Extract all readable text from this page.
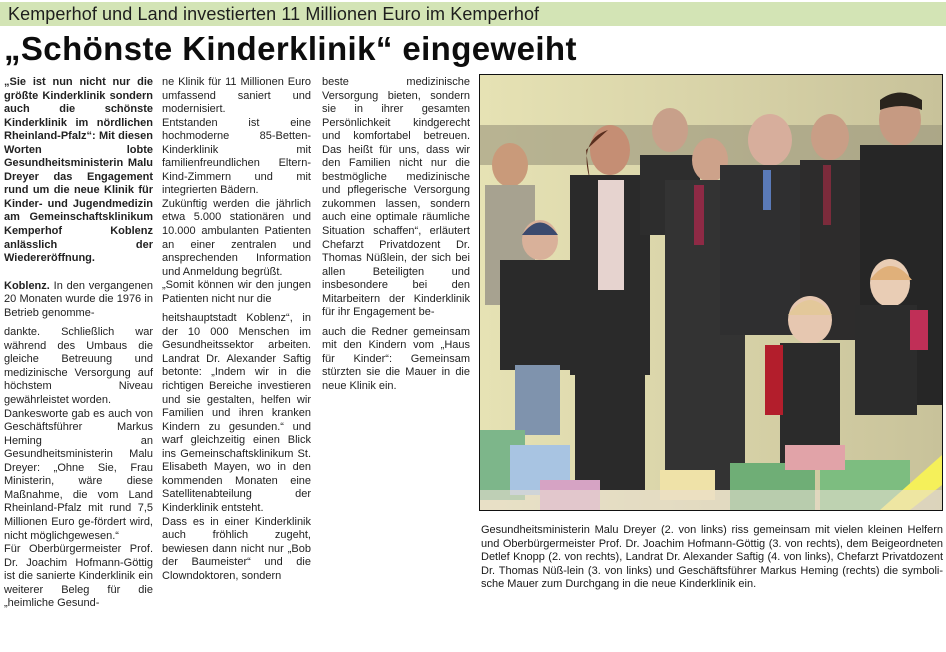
Kemperhof und Land investierten 11 Millionen Euro im Kemperhof
„Schönste Kinderklinik“ eingeweiht

„Sie ist nun nicht nur die größte Kinderklinik sondern auch die schönste Kinderklinik im nördlichen Rheinland-Pfalz“: Mit diesen Worten lobte Gesundheitsministerin Malu Dreyer das Engagement rund um die neue Klinik für Kinder- und Jugendmedizin am Gemeinschaftsklinikum Kemperhof Koblenz anlässlich der Wiedereröffnung.

Koblenz. In den vergangenen 20 Monaten wurde die 1976 in Betrieb genomme-

dankte. Schließlich war während des Umbaus die gleiche Betreuung und medizinische Versorgung auf höchstem Niveau gewährleistet worden.

Dankesworte gab es auch von Geschäftsführer Markus Heming an Gesundheitsministerin Malu Dreyer: „Ohne Sie, Frau Ministerin, wäre diese Maßnahme, die vom Land Rheinland-Pfalz mit rund 7,5 Millionen Euro ge-fördert wird, nicht möglichgewesen.“

Für Oberbürgermeister Prof. Dr. Joachim Hofmann-Göttig ist die sanierte Kinderklinik ein weiterer Beleg für die „heimliche Gesund-

ne Klinik für 11 Millionen Euro umfassend saniert und modernisiert.

Entstanden ist eine hochmoderne 85-Betten-Kinderklinik mit familienfreundlichen Eltern-Kind-Zimmern und mit integrierten Bädern.

Zukünftig werden die jährlich etwa 5.000 stationären und 10.000 ambulanten Patienten an einer zentralen und ansprechenden Information und Anmeldung begrüßt.

„Somit können wir den jungen Patienten nicht nur die

heitshauptstadt Koblenz“, in der 10 000 Menschen im Gesundheitssektor arbeiten. Landrat Dr. Alexander Saftig betonte: „Indem wir in die richtigen Bereiche investieren und sie gestalten, helfen wir Familien und ihren kranken Kindern zu gesunden.“ und warf gleichzeitig einen Blick ins Gemeinschaftsklinikum St. Elisabeth Mayen, wo in den kommenden Monaten eine Satellitenabteilung der Kinderklinik entsteht.

Dass es in einer Kinderklinik auch fröhlich zugeht, bewiesen dann nicht nur „Bob der Baumeister“ und die Clowndoktoren, sondern

beste medizinische Versorgung bieten, sondern sie in ihrer gesamten Persönlichkeit kindgerecht und komfortabel betreuen. Das heißt für uns, dass wir den Familien nicht nur die bestmögliche medizinische und pflegerische Versorgung zukommen lassen, sondern auch eine optimale räumliche Situation schaffen“, erläutert Chefarzt Privatdozent Dr. Thomas Nüßlein, der sich bei allen Beteiligten und insbesondere bei den Mitarbeitern der Kinderklinik für ihr Engagement be-

auch die Redner gemeinsam mit den Kindern vom „Haus für Kinder“: Gemeinsam stürzten sie die Mauer in die neue Klinik ein.

Gesundheitsministerin Malu Dreyer (2. von links) riss gemeinsam mit vielen kleinen Helfern und Oberbürgermeister Prof. Dr. Joachim Hofmann-Göttig (3. von rechts), dem Beigeordneten Detlef Knopp (2. von rechts), Landrat Dr. Alexander Saftig (4. von links), Chefarzt Privatdozent Dr. Thomas Nüß-lein (3. von links) und Geschäftsführer Markus Heming (rechts) die symboli-sche Mauer zum Durchgang in die neue Kinderklinik ein.
